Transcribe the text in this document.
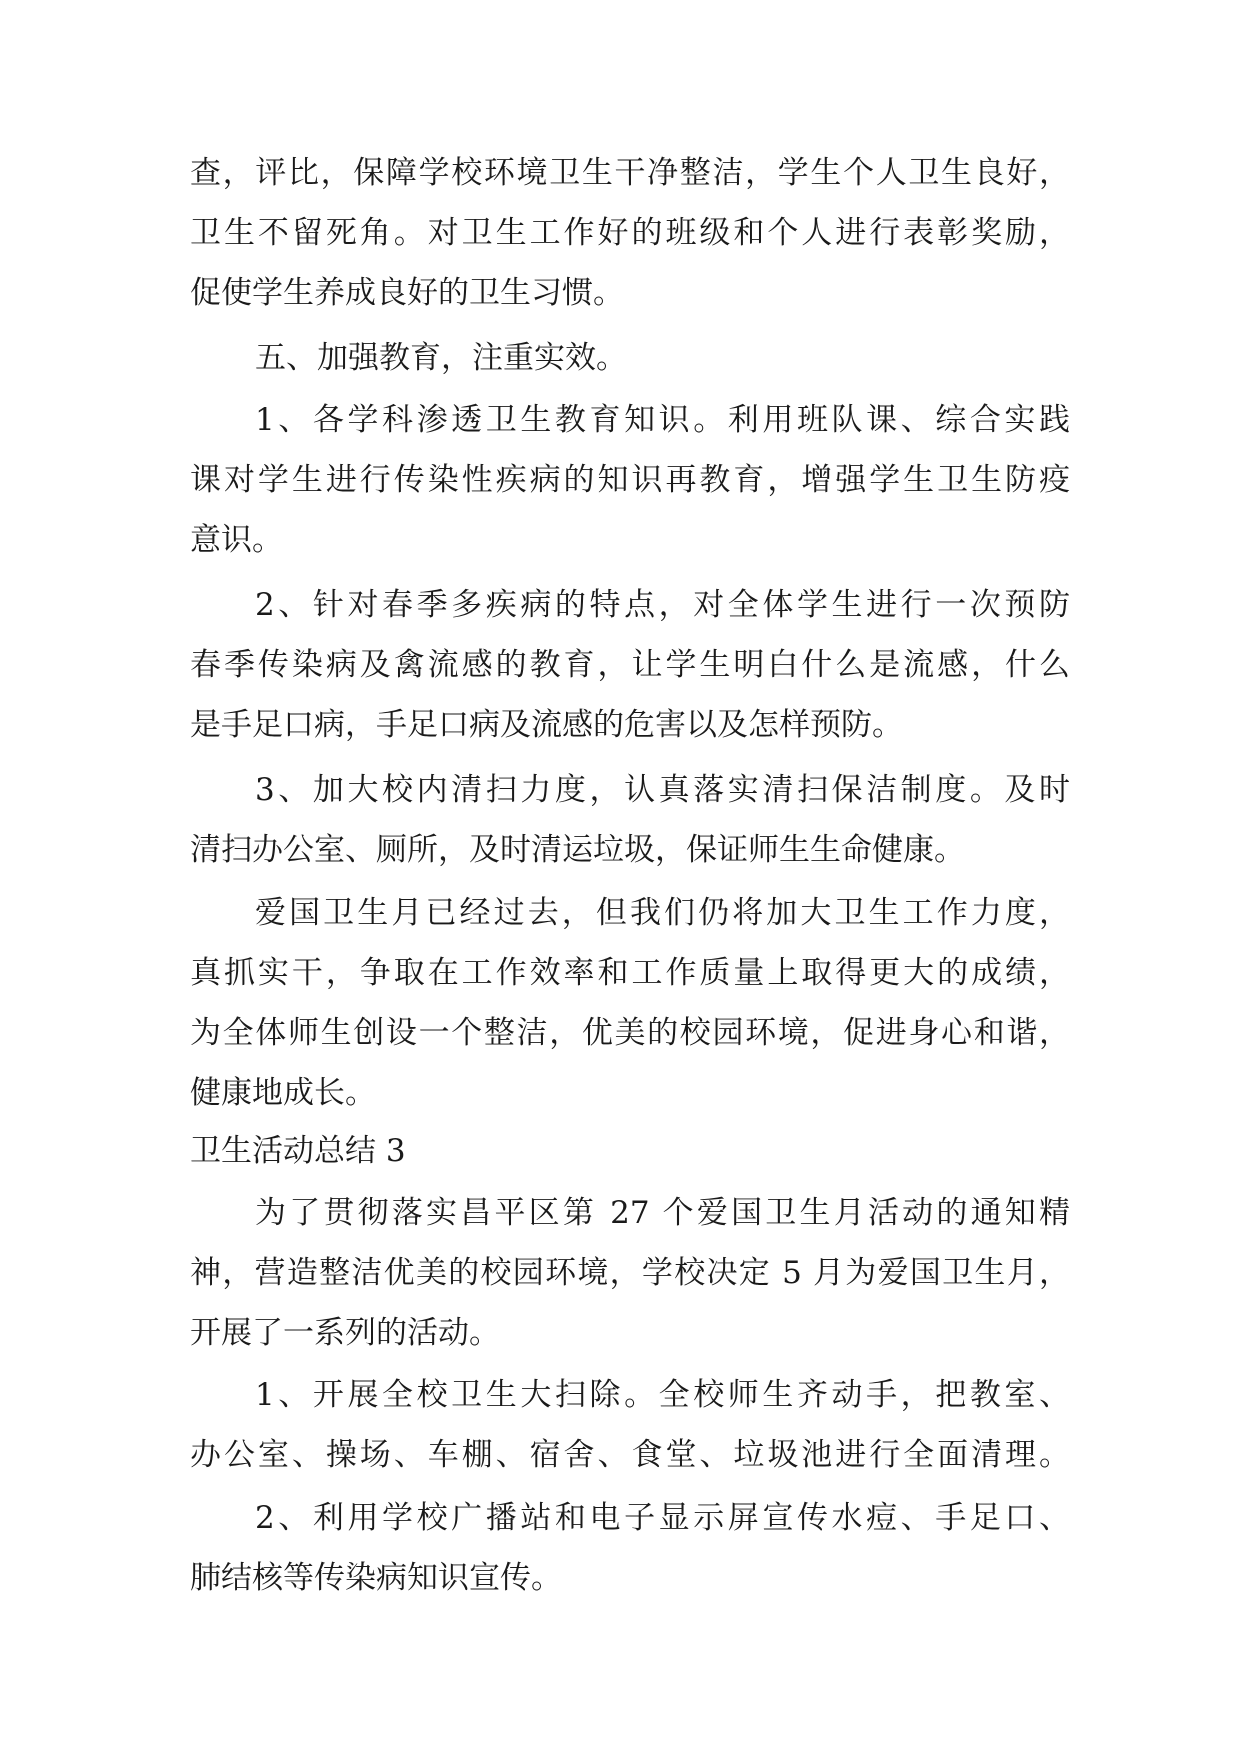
查，评比，保障学校环境卫生干净整洁，学生个人卫生良好，
卫生不留死角。对卫生工作好的班级和个人进行表彰奖励，
促使学生养成良好的卫生习惯。
五、加强教育，注重实效。
1、各学科渗透卫生教育知识。利用班队课、综合实践
课对学生进行传染性疾病的知识再教育，增强学生卫生防疫
意识。
2、针对春季多疾病的特点，对全体学生进行一次预防
春季传染病及禽流感的教育，让学生明白什么是流感，什么
是手足口病，手足口病及流感的危害以及怎样预防。
3、加大校内清扫力度，认真落实清扫保洁制度。及时
清扫办公室、厕所，及时清运垃圾，保证师生生命健康。
爱国卫生月已经过去，但我们仍将加大卫生工作力度，
真抓实干，争取在工作效率和工作质量上取得更大的成绩，
为全体师生创设一个整洁，优美的校园环境，促进身心和谐，
健康地成长。
卫生活动总结 3
为了贯彻落实昌平区第 27 个爱国卫生月活动的通知精
神，营造整洁优美的校园环境，学校决定 5 月为爱国卫生月，
开展了一系列的活动。
1、开展全校卫生大扫除。全校师生齐动手，把教室、
办公室、操场、车棚、宿舍、食堂、垃圾池进行全面清理。
2、利用学校广播站和电子显示屏宣传水痘、手足口、
肺结核等传染病知识宣传。
